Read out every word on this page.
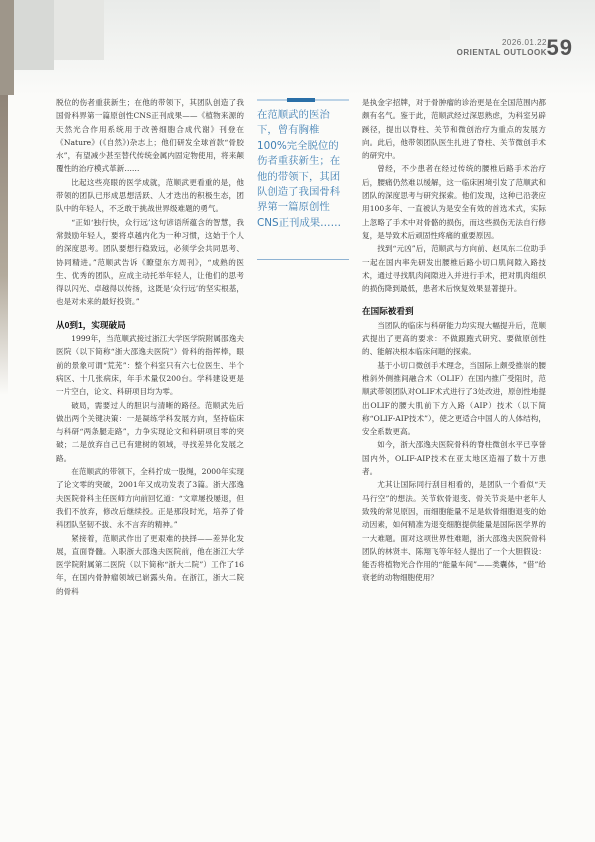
2026.01.22
ORIENTAL OUTLOOK 59

脱位的伤者重获新生；在他的带领下，其团队创造了我国骨科界第一篇原创性CNS正刊成果——《植物来源的天然光合作用系统用于改善细胞合成代谢》刊登在《Nature》(《自然》)杂志上；他们研发全球首款“骨胶水”，有望减少甚至替代传统金属内固定物使用，将来颠覆性的治疗模式革新……

比起这些亮眼的医学成就，范顺武更看重的是，他带领的团队已形成思想活跃、人才迭出的积极生态，团队中的年轻人，不乏敢于挑战世界级难题的勇气。

“正如‘独行快，众行远’这句谚语所蕴含的智慧，我常鼓励年轻人，要将卓越内化为一种习惯，这始于个人的深度思考。团队要想行稳致远，必须学会共同思考、协同精进。”范顺武告诉《瞭望东方周刊》，“成熟的医生、优秀的团队，应成主动托举年轻人，让他们的思考得以闪光、卓越得以传扬，这既是‘众行远’的坚实根基，也是对未来的最好投资。”

从0到1，实现破局

1999年，当范顺武接过浙江大学医学院附属邵逸夫医院（以下简称“浙大邵逸夫医院”）骨科的指挥棒，眼前的景象可谓“荒芜”：整个科室只有六七位医生、半个病区、十几张病床，年手术量仅200台。学科建设更是一片空白，论文、科研项目均为零。

破局，需要过人的胆识与清晰的路径。范顺武先后做出两个关键决策：一是凝练学科发展方向，坚持临床与科研“两条腿走路”，力争实现论文和科研项目零的突破；二是放弃自己已有建树的领域，寻找差异化发展之路。

在范顺武的带领下，全科拧成一股绳，2000年实现了论文零的突破，2001年又成功发表了3篇。浙大邵逸夫医院骨科主任医师方向前回忆道：“文章屡投屡退，但我们不放弃，修改后继续投。正是那段时光，培养了骨科团队坚韧不拔、永不言弃的精神。”

紧接着，范顺武作出了更艰难的抉择——差异化发展，直面脊髓。入职浙大邵逸夫医院前，他在浙江大学医学院附属第二医院（以下简称“浙大二院”）工作了16年，在国内骨肿瘤领域已崭露头角。在浙江，浙大二院的骨科

在范顺武的医治下，曾有胸椎100%完全脱位的伤者重获新生；在他的带领下，其团队创造了我国骨科界第一篇原创性CNS正刊成果……

是执金字招牌，对于骨肿瘤的诊治更是在全国范围内都颇有名气。鉴于此，范顺武经过深思熟虑，为科室另辟蹊径，提出以脊柱、关节和微创治疗为重点的发展方向。此后，他带领团队医生扎进了脊柱、关节微创手术的研究中。

曾经，不少患者在经过传统的腰椎后路手术治疗后，腰痛仍然难以缓解，这一临床困境引发了范顺武和团队的深度思考与研究探索。他们发现，这种已沿袭应用100多年、一直被认为是安全有效的首选术式，实际上忽略了手术中对骨骼的损伤，而这些损伤无法自行修复，是导致术后顽固性疼痛的重要原因。

找到“元凶”后，范顺武与方向前、赵凤东二位助手一起在国内率先研发出腰椎后路小切口肌间隙入路技术，通过寻找肌肉间隙进入并进行手术，把对肌肉组织的损伤降到最低，患者术后恢复效果显著提升。

在国际被看到

当团队的临床与科研能力均实现大幅提升后，范顺武提出了更高的要求：不做跟跑式研究、要做原创性的、能解决根本临床问题的探索。

基于小切口微创手术理念，当国际上颇受推崇的腰椎斜外侧推间融合术（OLIF）在国内推广受阻时，范顺武带领团队对OLIF术式进行了3处改进，原创性地提出OLIF的腰大肌前下方入路（AIP）技术（以下简称“OLIF-AIP技术”），使之更适合中国人的人体结构，安全系数更高。

如今，浙大邵逸夫医院骨科的脊柱微创水平已享誉国内外，OLIF-AIP技术在亚太地区造福了数十万患者。

尤其让国际同行刮目相看的，是团队一个看似“天马行空”的想法。关节软骨退变、骨关节炎是中老年人致残的常见原因，而细胞能量不足是软骨细胞退变的始动因素，如何精准为退变细胞提供能量是国际医学界的一大难题。面对这项世界性难题，浙大邵逸夫医院骨科团队的林贤丰、陈翔飞等年轻人提出了一个大胆假设：能否将植物光合作用的“能量车间”——类囊体，“借”给衰老的动物细胞使用？
